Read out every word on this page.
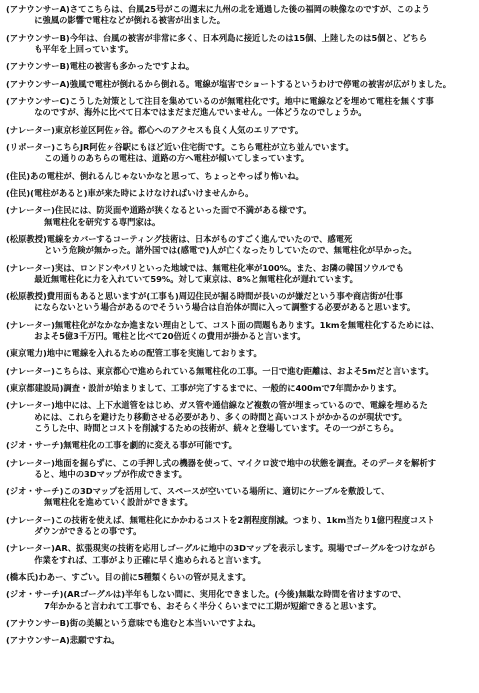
(アナウンサーA)さてこちらは、台風25号がこの週末に九州の北を通過した後の福岡の映像なのですが、このよう
に強風の影響で電柱などが倒れる被害が出ました。
(アナウンサーB)今年は、台風の被害が非常に多く、日本列島に接近したのは15個、上陸したのは5個と、どちら
も平年を上回っています。
(アナウンサーB)電柱の被害も多かったですよね。
(アナウンサーA)強風で電柱が倒れるから倒れる。電線が塩害でショートするというわけで停電の被害が広がりました。
(アナウンサーC)こうした対策として注目を集めているのが無電柱化です。地中に電線などを埋めて電柱を無くす事
なのですが、海外に比べて日本ではまだまだ進んでいません。一体どうなのでしょうか。
(ナレーター)東京杉並区阿佐ヶ谷。都心へのアクセスも良く人気のエリアです。
(リポーター)こちらJR阿佐ヶ谷駅にもほど近い住宅街です。こちら電柱が立ち並んでいます。
この通りのあちらの電柱は、道路の方へ電柱が傾いてしまっています。
(住民)あの電柱が、倒れるんじゃないかなと思って、ちょっとやっぱり怖いね。
(住民)(電柱があると)車が来た時によけなければいけませんから。
(ナレーター)住民には、防災面や道路が狭くなるといった面で不満がある様です。
無電柱化を研究する専門家は。
(松原教授)電線をカバーするコーティング技術は、日本がものすごく進んでいたので、感電死
という危険が無かった。諸外国では(感電で)人が亡くなったりしていたので、無電柱化が早かった。
(ナレーター)実は、ロンドンやパリといった地域では、無電柱化率が100%。また、お隣の韓国ソウルでも
最近無電柱化に力を入れていて59%。対して東京は、8%と無電柱化が遅れています。
(松原教授)費用面もあると思いますが(工事も)周辺住民が掘る時間が長いのが嫌だという事や商店街が仕事
にならないという場合があるのでそういう場合は自治体が間に入って調整する必要があると思います。
(ナレーター)無電柱化がなかなか進まない理由として、コスト面の問題もあります。1kmを無電柱化するためには、
およそ5億3千万円。電柱と比べて20倍近くの費用が掛かると言います。
(東京電力)地中に電線を入れるための配管工事を実施しております。
(ナレーター)こちらは、東京都心で進められている無電柱化の工事。一日で進む距離は、およそ5mだと言います。
(東京都建設局)調査・設計が始まりまして、工事が完了するまでに、一般的に400mで7年間かかります。
(ナレーター)地中には、上下水道管をはじめ、ガス管や通信線など複数の管が埋まっているので、電線を埋めるた
めには、これらを避けたり移動させる必要があり、多くの時間と高いコストがかかるのが現状です。
こうした中、時間とコストを削減するための技術が、続々と登場しています。その一つがこちら。
(ジオ・サーチ)無電柱化の工事を劇的に変える事が可能です。
(ナレーター)地面を掘らずに、この手押し式の機器を使って、マイクロ波で地中の状態を調査。そのデータを解析す
ると、地中の3Dマップが作成できます。
(ジオ・サーチ)この3Dマップを活用して、スペースが空いている場所に、適切にケーブルを敷設して、
無電柱化を進めていく設計ができます。
(ナレーター)この技術を使えば、無電柱化にかかわるコストを2割程度削減。つまり、1km当たり1億円程度コスト
ダウンができるとの事です。
(ナレーター)AR、拡張現実の技術を応用しゴーグルに地中の3Dマップを表示します。現場でゴーグルをつけながら
作業をすれば、工事がより正確に早く進められると言います。
(橋本氏)わあー、すごい。目の前に5種類くらいの管が見えます。
(ジオ・サーチ)(ARゴーグルは)半年もしない間に、実用化できました。(今後)無駄な時間を省けますので、
7年かかると言われて工事でも、おそらく半分くらいまでに工期が短縮できると思います。
(アナウンサーB)街の美観という意味でも進むと本当いいですよね。
(アナウンサーA)悲願ですね。
